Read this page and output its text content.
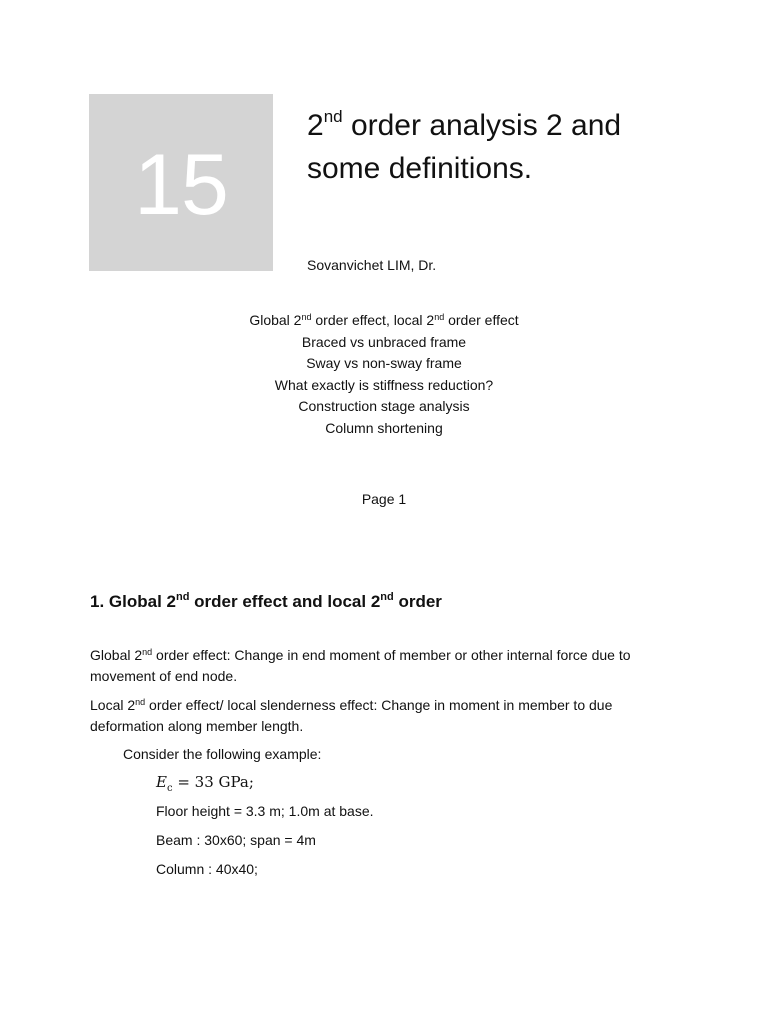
15
2nd order analysis 2 and
some definitions.
Sovanvichet LIM, Dr.
Global 2nd order effect, local 2nd order effect
Braced vs unbraced frame
Sway vs non-sway frame
What exactly is stiffness reduction?
Construction stage analysis
Column shortening
Page 1
1. Global 2nd order effect and local 2nd order
Global 2nd order effect: Change in end moment of member or other internal force due to movement of end node.
Local 2nd order effect/ local slenderness effect: Change in moment in member to due deformation along member length.
Consider the following example:
$E_c = 33$ GPa;
Floor height = 3.3 m; 1.0m at base.
Beam : 30x60; span = 4m
Column : 40x40;
